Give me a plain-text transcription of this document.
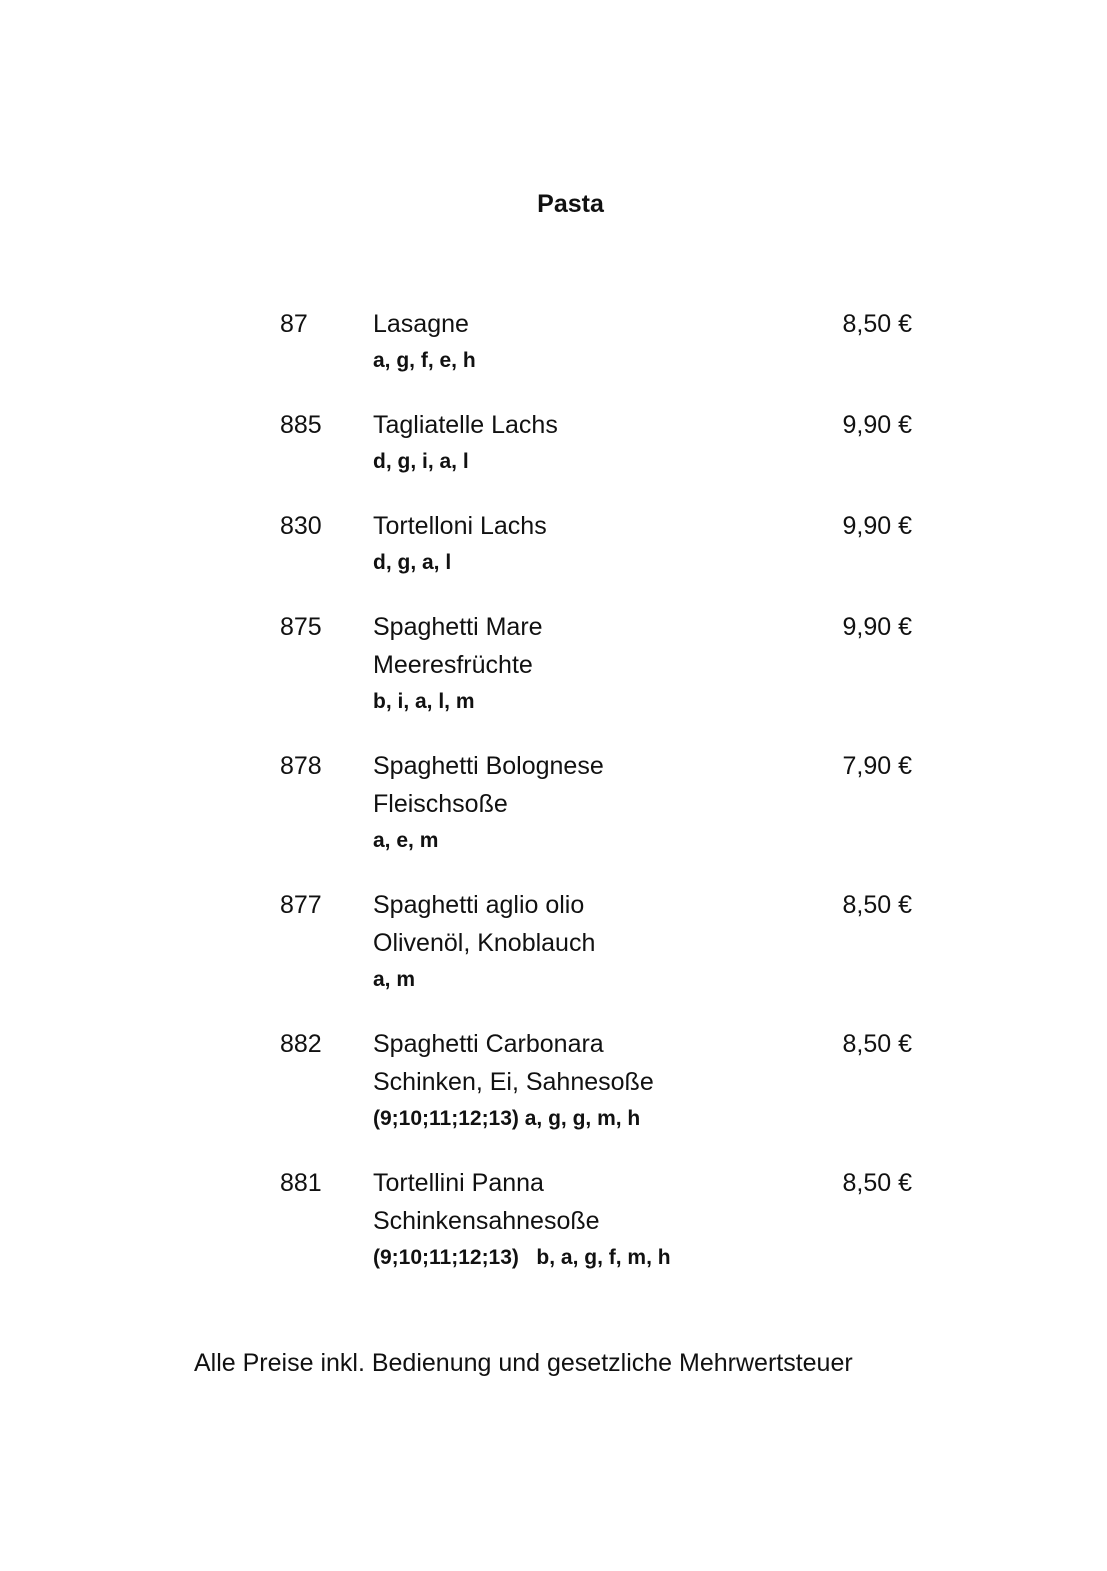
Pasta
87	Lasagne
a, g, f, e, h
8,50 €
885 Tagliatelle Lachs
d, g, i, a, l
9,90 €
830 Tortelloni Lachs
d, g, a, l
9,90 €
875 Spaghetti Mare
Meeresfrüchte
b, i, a, l, m
9,90 €
878 Spaghetti Bolognese
Fleischsoße
a, e, m
7,90 €
877 Spaghetti aglio olio
Olivenöl, Knoblauch
a, m
8,50 €
882 Spaghetti Carbonara
Schinken, Ei, Sahnesoße
(9;10;11;12;13) a, g, g, m, h
8,50 €
881 Tortellini Panna
Schinkensahnesoße
(9;10;11;12;13)   b, a, g, f, m, h
8,50 €
Alle Preise inkl. Bedienung und gesetzliche Mehrwertsteuer
